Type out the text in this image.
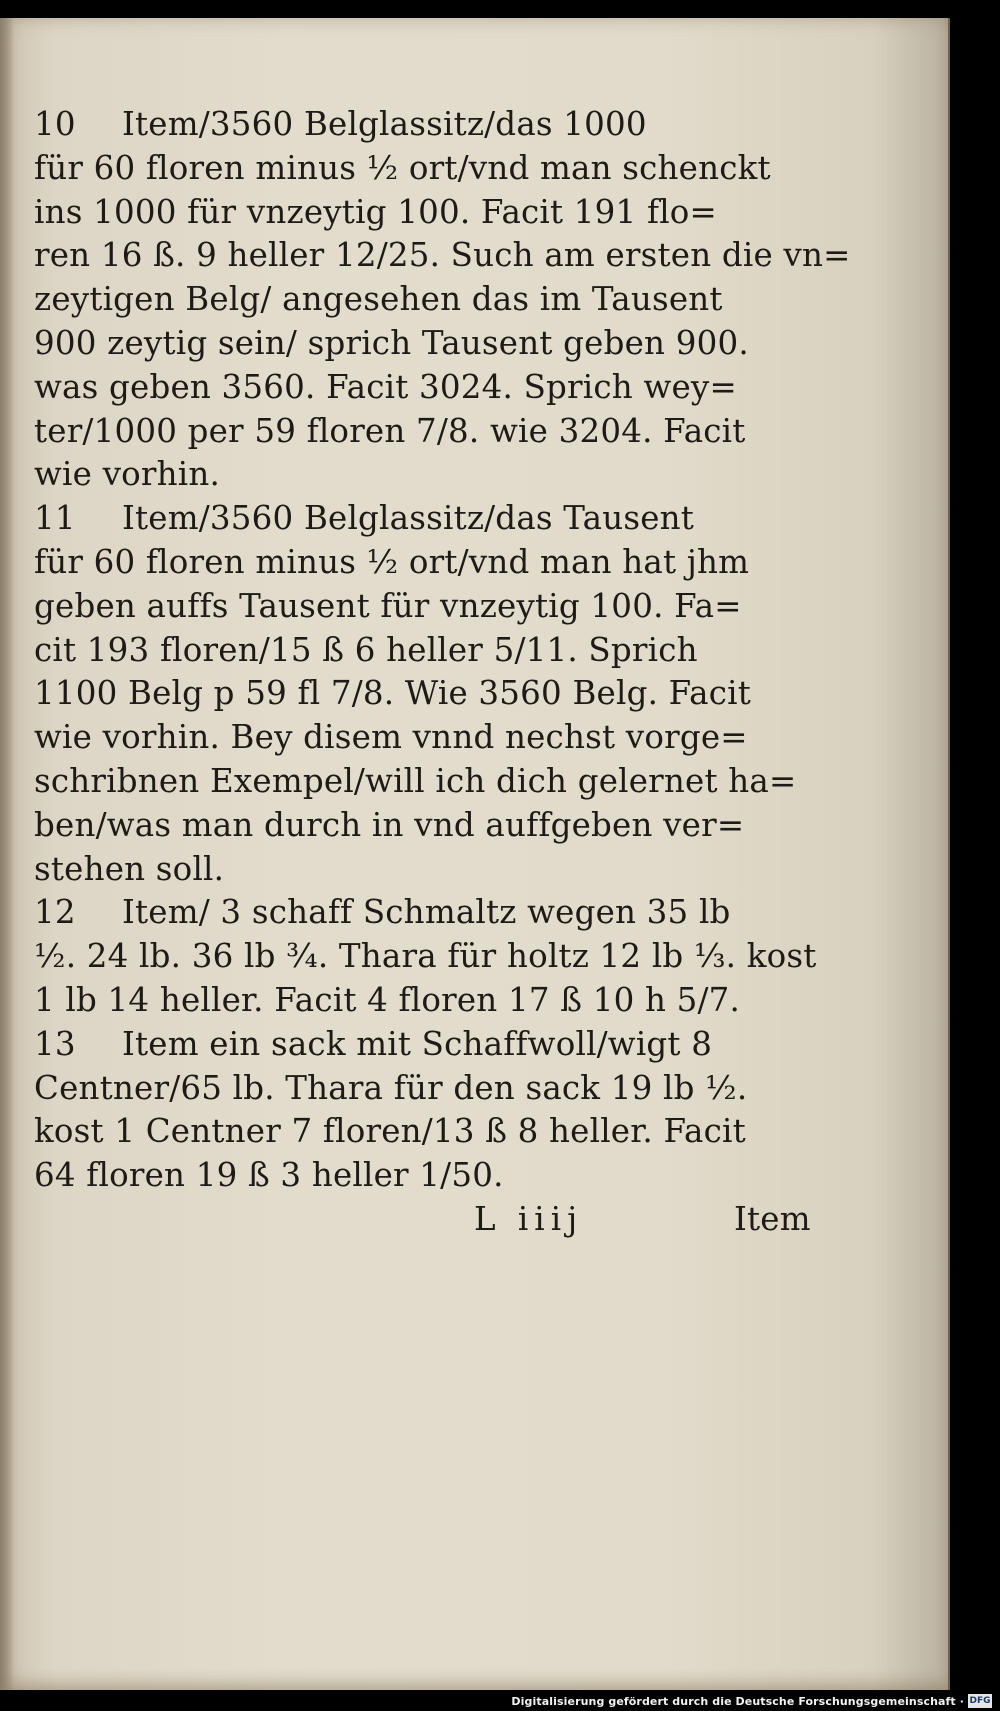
10 Item/3560 Belglassitz/das 1000
für 60 floren minus ½ ort/vnd man schenckt
ins 1000 für vnzeytig 100. Facit 191 flo=
ren 16 ß. 9 heller 12/25. Such am ersten die vn=
zeytigen Belg/ angesehen das im Tausent
900 zeytig sein/ sprich Tausent geben 900.
was geben 3560. Facit 3024. Sprich wey=
ter/1000 per 59 floren 7/8. wie 3204. Facit
wie vorhin.
11 Item/3560 Belglassitz/das Tausent
für 60 floren minus ½ ort/vnd man hat jhm
geben auffs Tausent für vnzeytig 100. Fa=
cit 193 floren/15 ß 6 heller 5/11. Sprich
1100 Belg p 59 fl 7/8. Wie 3560 Belg. Facit
wie vorhin. Bey disem vnnd nechst vorge=
schribnen Exempel/will ich dich gelernet ha=
ben/was man durch in vnd auffgeben ver=
stehen soll.
12 Item/ 3 schaff Schmaltz wegen 35 lb
½. 24 lb. 36 lb ¾. Thara für holtz 12 lb ⅓. kost
1 lb 14 heller. Facit 4 floren 17 ß 10 h 5/7.
13 Item ein sack mit Schaffwoll/wigt 8
Centner/65 lb. Thara für den sack 19 lb ½.
kost 1 Centner 7 floren/13 ß 8 heller. Facit
64 floren 19 ß 3 heller 1/50.
L iiij	Item
Digitalisierung gefördert durch die Deutsche Forschungsgemeinschaft · DFG
